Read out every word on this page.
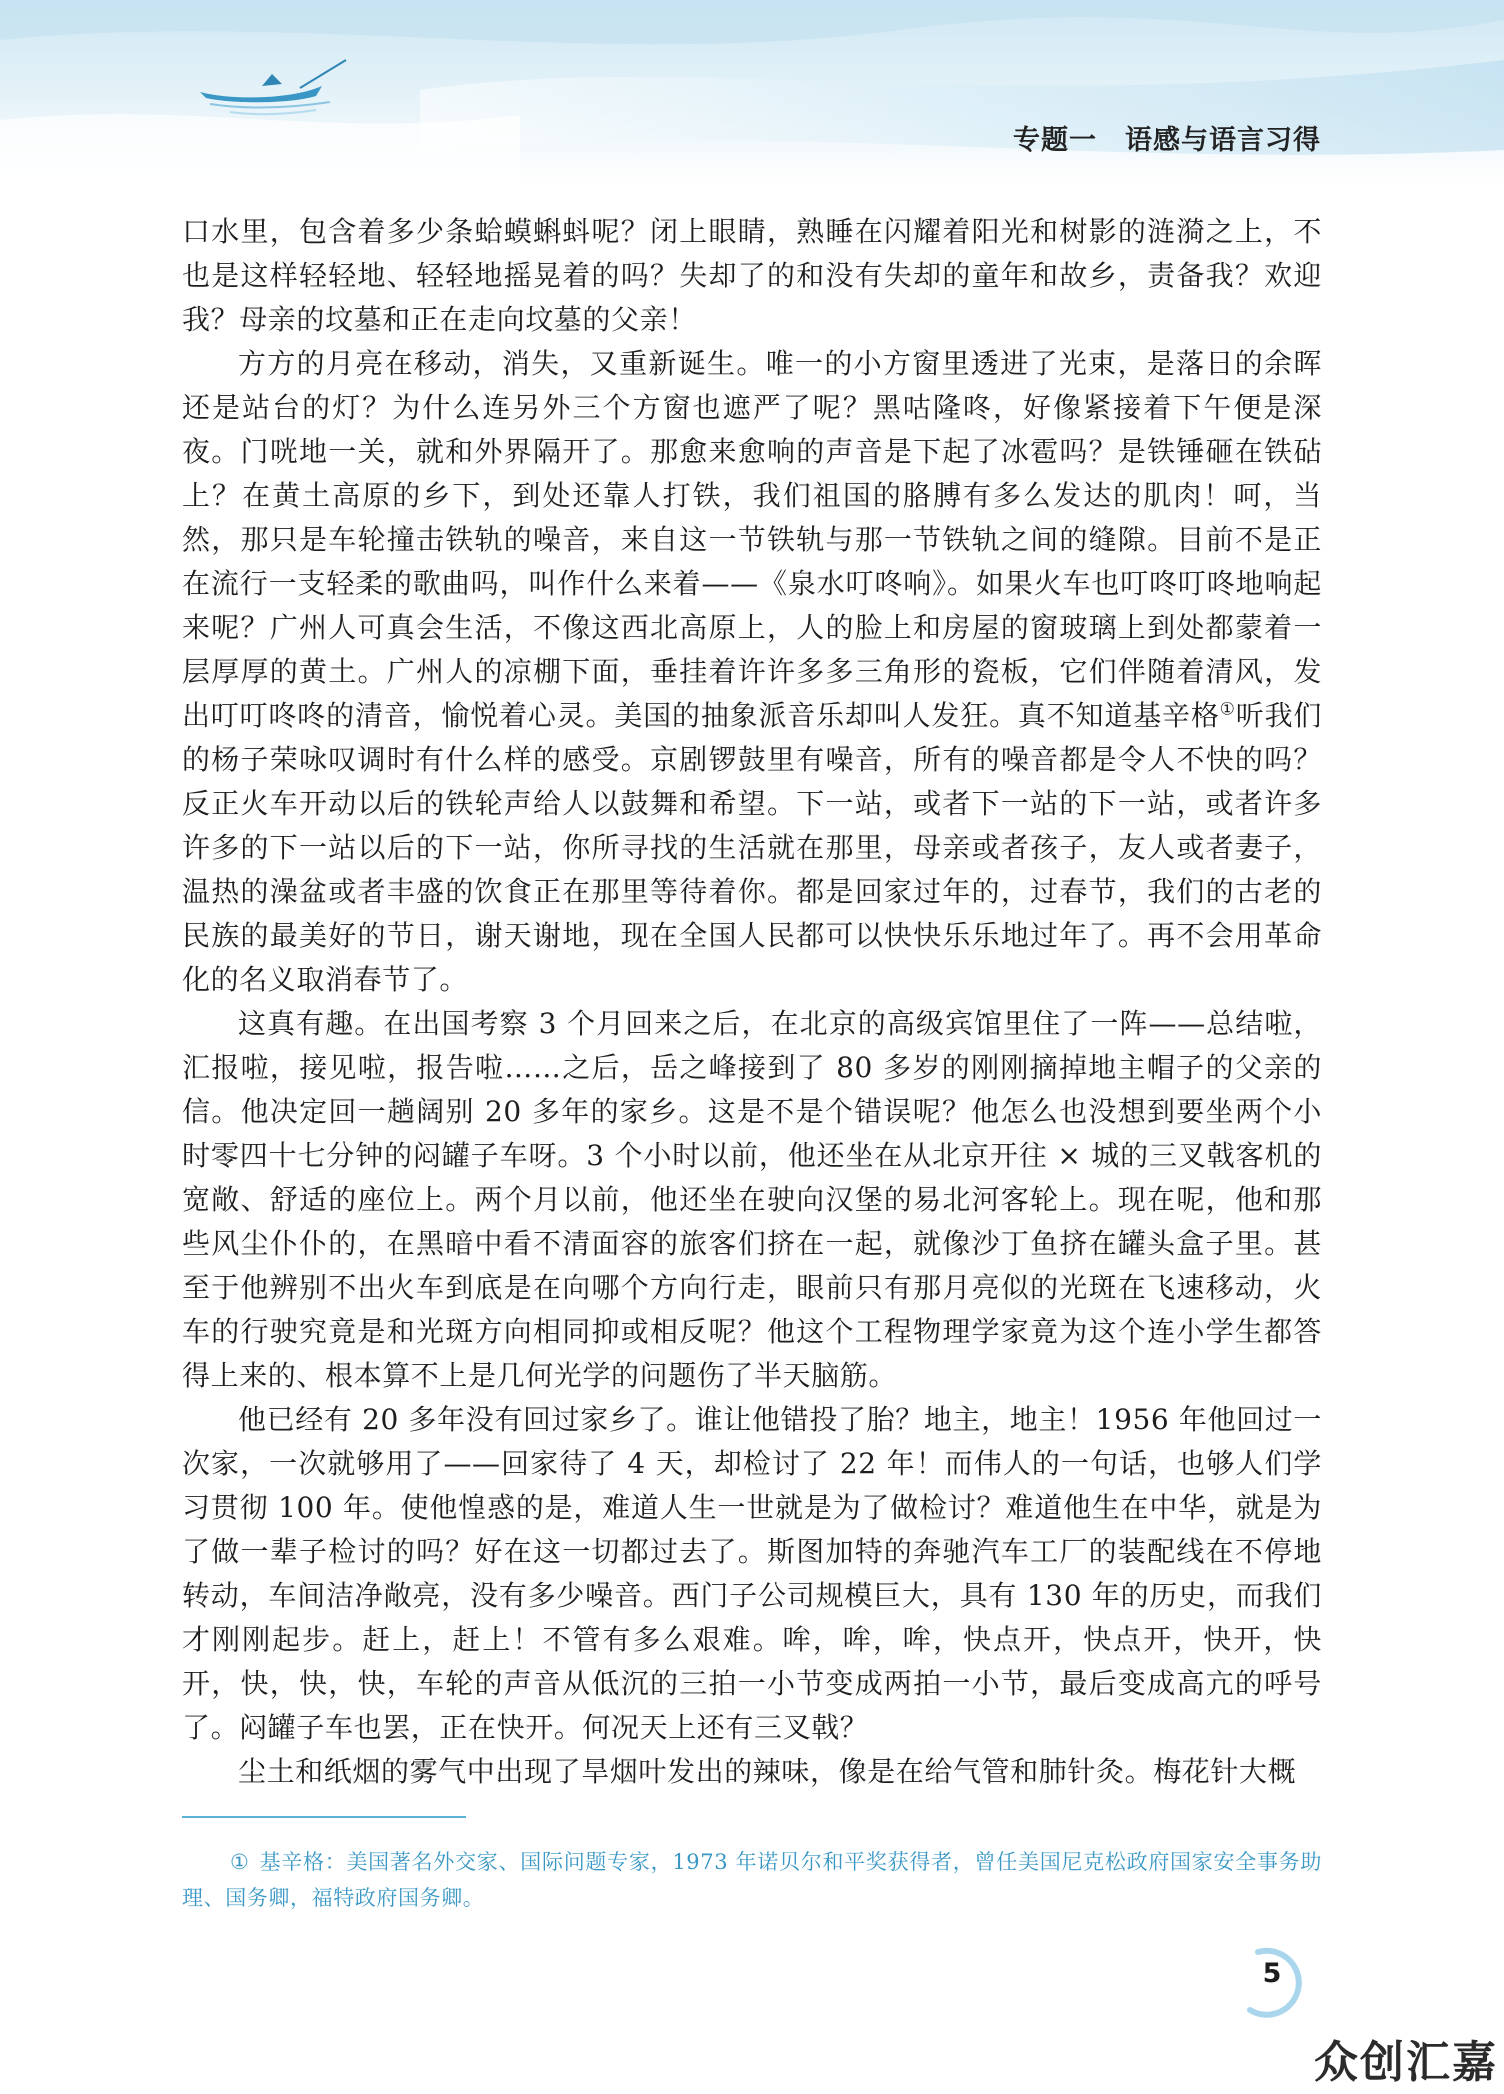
专题一 语感与语言习得

口水里，包含着多少条蛤蟆蝌蚪呢？闭上眼睛，熟睡在闪耀着阳光和树影的涟漪之上，不也是这样轻轻地、轻轻地摇晃着的吗？失却了的和没有失却的童年和故乡，责备我？欢迎我？母亲的坟墓和正在走向坟墓的父亲！

方方的月亮在移动，消失，又重新诞生。唯一的小方窗里透进了光束，是落日的余晖还是站台的灯？为什么连另外三个方窗也遮严了呢？黑咕隆咚，好像紧接着下午便是深夜。门咣地一关，就和外界隔开了。那愈来愈响的声音是下起了冰雹吗？是铁锤砸在铁砧上？在黄土高原的乡下，到处还靠人打铁，我们祖国的胳膊有多么发达的肌肉！呵，当然，那只是车轮撞击铁轨的噪音，来自这一节铁轨与那一节铁轨之间的缝隙。目前不是正在流行一支轻柔的歌曲吗，叫作什么来着——《泉水叮咚响》。如果火车也叮咚叮咚地响起来呢？广州人可真会生活，不像这西北高原上，人的脸上和房屋的窗玻璃上到处都蒙着一层厚厚的黄土。广州人的凉棚下面，垂挂着许许多多三角形的瓷板，它们伴随着清风，发出叮叮咚咚的清音，愉悦着心灵。美国的抽象派音乐却叫人发狂。真不知道基辛格①听我们的杨子荣咏叹调时有什么样的感受。京剧锣鼓里有噪音，所有的噪音都是令人不快的吗？反正火车开动以后的铁轮声给人以鼓舞和希望。下一站，或者下一站的下一站，或者许多许多的下一站以后的下一站，你所寻找的生活就在那里，母亲或者孩子，友人或者妻子，温热的澡盆或者丰盛的饮食正在那里等待着你。都是回家过年的，过春节，我们的古老的民族的最美好的节日，谢天谢地，现在全国人民都可以快快乐乐地过年了。再不会用革命化的名义取消春节了。

这真有趣。在出国考察 3 个月回来之后，在北京的高级宾馆里住了一阵——总结啦，汇报啦，接见啦，报告啦……之后，岳之峰接到了 80 多岁的刚刚摘掉地主帽子的父亲的信。他决定回一趟阔别 20 多年的家乡。这是不是个错误呢？他怎么也没想到要坐两个小时零四十七分钟的闷罐子车呀。3 个小时以前，他还坐在从北京开往 × 城的三叉戟客机的宽敞、舒适的座位上。两个月以前，他还坐在驶向汉堡的易北河客轮上。现在呢，他和那些风尘仆仆的，在黑暗中看不清面容的旅客们挤在一起，就像沙丁鱼挤在罐头盒子里。甚至于他辨别不出火车到底是在向哪个方向行走，眼前只有那月亮似的光斑在飞速移动，火车的行驶究竟是和光斑方向相同抑或相反呢？他这个工程物理学家竟为这个连小学生都答得上来的、根本算不上是几何光学的问题伤了半天脑筋。

他已经有 20 多年没有回过家乡了。谁让他错投了胎？地主，地主！1956 年他回过一次家，一次就够用了——回家待了 4 天，却检讨了 22 年！而伟人的一句话，也够人们学习贯彻 100 年。使他惶惑的是，难道人生一世就是为了做检讨？难道他生在中华，就是为了做一辈子检讨的吗？好在这一切都过去了。斯图加特的奔驰汽车工厂的装配线在不停地转动，车间洁净敞亮，没有多少噪音。西门子公司规模巨大，具有 130 年的历史，而我们才刚刚起步。赶上，赶上！不管有多么艰难。哞，哞，哞，快点开，快点开，快开，快开，快，快，快，车轮的声音从低沉的三拍一小节变成两拍一小节，最后变成高亢的呼号了。闷罐子车也罢，正在快开。何况天上还有三叉戟？

尘土和纸烟的雾气中出现了旱烟叶发出的辣味，像是在给气管和肺针灸。梅花针大概

① 基辛格：美国著名外交家、国际问题专家，1973 年诺贝尔和平奖获得者，曾任美国尼克松政府国家安全事务助理、国务卿，福特政府国务卿。
5
众创汇嘉
